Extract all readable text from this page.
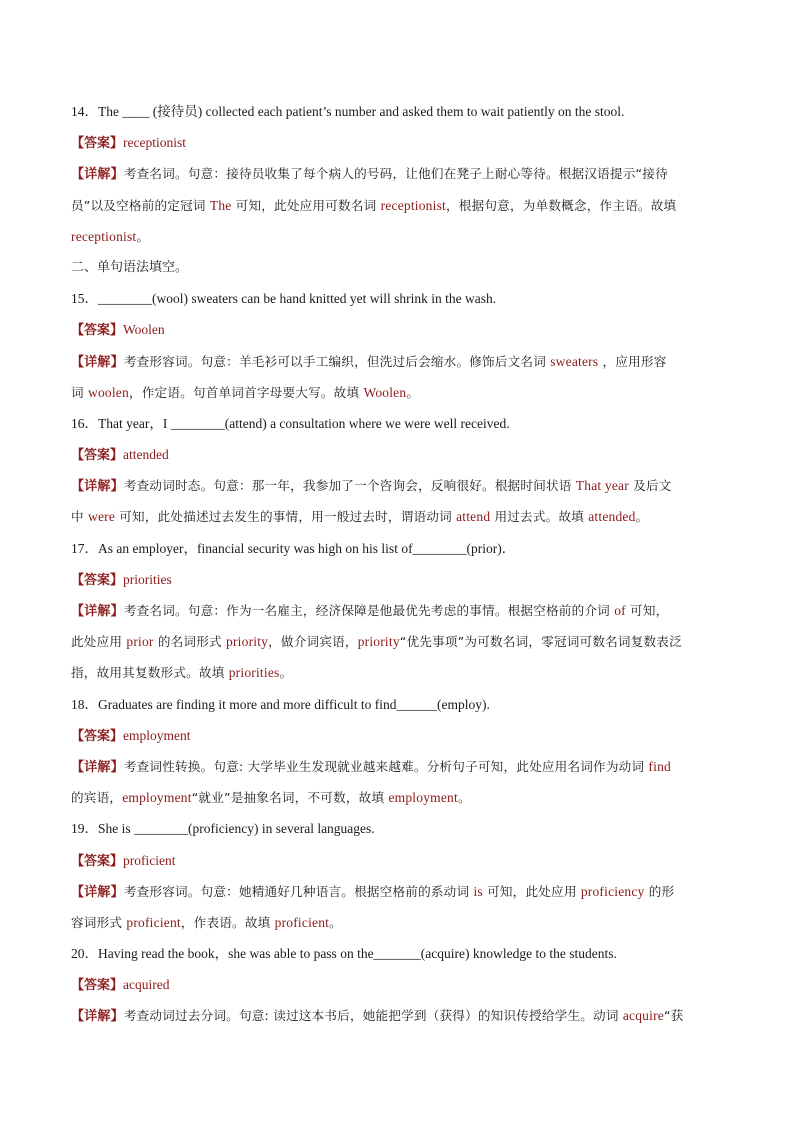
14．The ____ (接待员) collected each patient’s number and asked them to wait patiently on the stool.
【答案】receptionist
【详解】考查名词。句意：接待员收集了每个病人的号码，让他们在凳子上耐心等待。根据汉语提示“接待
员”以及空格前的定冠词 The 可知，此处应用可数名词 receptionist，根据句意，为单数概念，作主语。故填
receptionist。
二、单句语法填空。
15．________(wool) sweaters can be hand knitted yet will shrink in the wash.
【答案】Woolen
【详解】考查形容词。句意：羊毛衫可以手工编织，但洗过后会缩水。修饰后文名词 sweaters ，应用形容
词 woolen，作定语。句首单词首字母要大写。故填 Woolen。
16．That year，I ________(attend) a consultation where we were well received.
【答案】attended
【详解】考查动词时态。句意：那一年，我参加了一个咨询会，反响很好。根据时间状语 That year 及后文
中 were 可知，此处描述过去发生的事情，用一般过去时，谓语动词 attend 用过去式。故填 attended。
17．As an employer，financial security was high on his list of________(prior)．
【答案】priorities
【详解】考查名词。句意：作为一名雇主，经济保障是他最优先考虑的事情。根据空格前的介词 of 可知，
此处应用 prior 的名词形式 priority，做介词宾语，priority“优先事项”为可数名词，零冠词可数名词复数表泛
指，故用其复数形式。故填 priorities。
18．Graduates are finding it more and more difficult to find______(employ).
【答案】employment
【详解】考查词性转换。句意: 大学毕业生发现就业越来越难。分析句子可知，此处应用名词作为动词 find
的宾语，employment“就业”是抽象名词，不可数，故填 employment。
19．She is ________(proficiency) in several languages.
【答案】proficient
【详解】考查形容词。句意：她精通好几种语言。根据空格前的系动词 is 可知，此处应用 proficiency 的形
容词形式 proficient，作表语。故填 proficient。
20．Having read the book，she was able to pass on the_______(acquire) knowledge to the students.
【答案】acquired
【详解】考查动词过去分词。句意: 读过这本书后，她能把学到（获得）的知识传授给学生。动词 acquire“获
